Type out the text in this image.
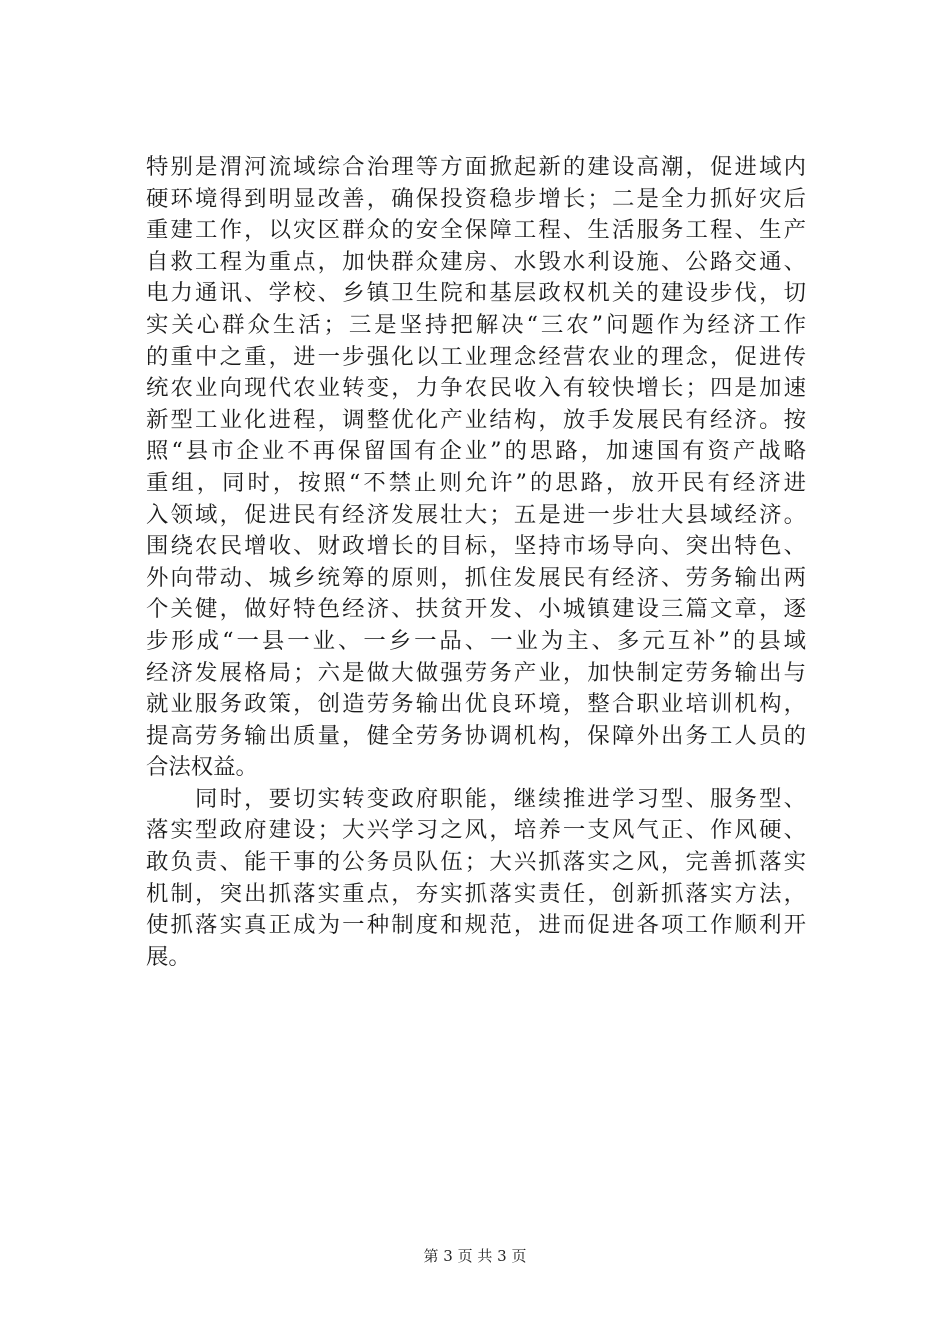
特别是渭河流域综合治理等方面掀起新的建设高潮，促进域内
硬环境得到明显改善，确保投资稳步增长；二是全力抓好灾后
重建工作，以灾区群众的安全保障工程、生活服务工程、生产
自救工程为重点，加快群众建房、水毁水利设施、公路交通、
电力通讯、学校、乡镇卫生院和基层政权机关的建设步伐，切
实关心群众生活；三是坚持把解决“三农”问题作为经济工作
的重中之重，进一步强化以工业理念经营农业的理念，促进传
统农业向现代农业转变，力争农民收入有较快增长；四是加速
新型工业化进程，调整优化产业结构，放手发展民有经济。按
照“县市企业不再保留国有企业”的思路，加速国有资产战略
重组，同时，按照“不禁止则允许”的思路，放开民有经济进
入领域，促进民有经济发展壮大；五是进一步壮大县域经济。
围绕农民增收、财政增长的目标，坚持市场导向、突出特色、
外向带动、城乡统筹的原则，抓住发展民有经济、劳务输出两
个关健，做好特色经济、扶贫开发、小城镇建设三篇文章，逐
步形成“一县一业、一乡一品、一业为主、多元互补”的县域
经济发展格局；六是做大做强劳务产业，加快制定劳务输出与
就业服务政策，创造劳务输出优良环境，整合职业培训机构，
提高劳务输出质量，健全劳务协调机构，保障外出务工人员的
合法权益。
　　同时，要切实转变政府职能，继续推进学习型、服务型、
落实型政府建设；大兴学习之风，培养一支风气正、作风硬、
敢负责、能干事的公务员队伍；大兴抓落实之风，完善抓落实
机制，突出抓落实重点，夯实抓落实责任，创新抓落实方法，
使抓落实真正成为一种制度和规范，进而促进各项工作顺利开
展。
第 3 页 共 3 页
